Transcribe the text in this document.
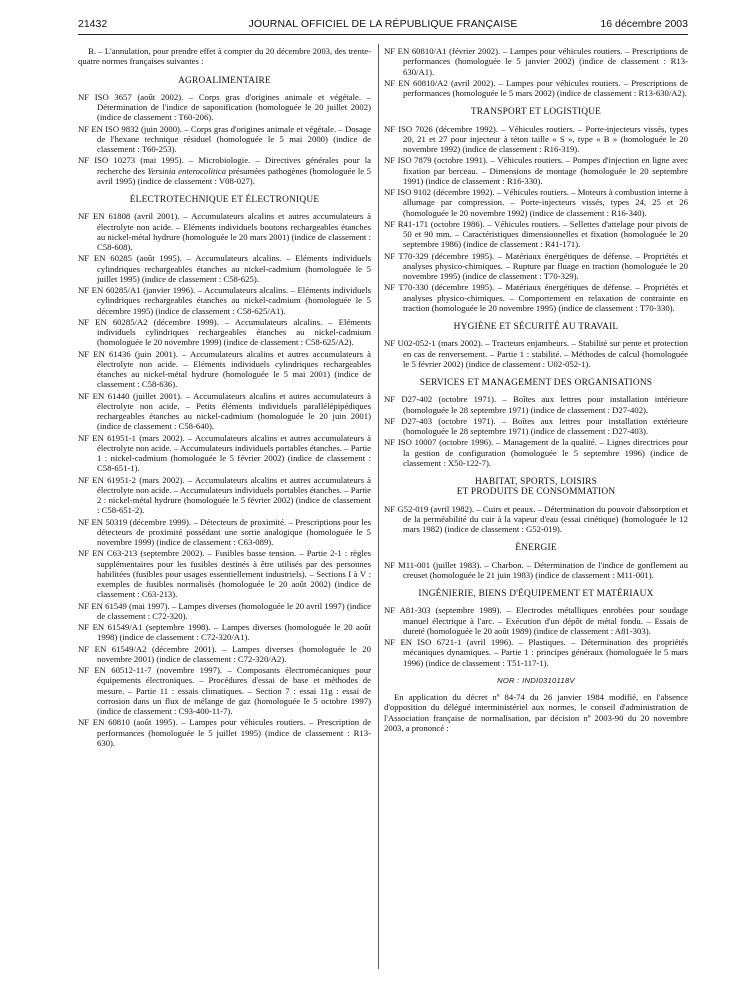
21432	JOURNAL OFFICIEL DE LA RÉPUBLIQUE FRANÇAISE	16 décembre 2003

B. – L'annulation, pour prendre effet à compter du 20 décembre 2003, des trente-quatre normes françaises suivantes :

AGROALIMENTAIRE

NF ISO 3657 (août 2002). – Corps gras d'origines animale et végétale. – Détermination de l'indice de saponification (homologuée le 20 juillet 2002) (indice de classement : T60-206).

NF EN ISO 9832 (juin 2000). – Corps gras d'origines animale et végétale. – Dosage de l'hexane technique résiduel (homologuée le 5 mai 2000) (indice de classement : T60-253).

NF ISO 10273 (mai 1995). – Microbiologie. – Directives générales pour la recherche des Yersinia enterocolitica présumées pathogènes (homologuée le 5 avril 1995) (indice de classement : V08-027).

ÉLECTROTECHNIQUE ET ÉLECTRONIQUE

NF EN 61808 (avril 2001). – Accumulateurs alcalins et autres accumulateurs à électrolyte non acide. – Eléments individuels boutons rechargeables étanches au nickel-métal hydrure (homologuée le 20 mars 2001) (indice de classement : C58-608).

NF EN 60285 (août 1995). – Accumulateurs alcalins. – Eléments individuels cylindriques rechargeables étanches au nickel-cadmium (homologuée le 5 juillet 1995) (indice de classement : C58-625).

NF EN 60285/A1 (janvier 1996). – Accumulateurs alcalins. – Eléments individuels cylindriques rechargeables étanches au nickel-cadmium (homologuée le 5 décembre 1995) (indice de classement : C58-625/A1).

NF EN 60285/A2 (décembre 1999). – Accumulateurs alcalins. – Eléments individuels cylindriques rechargeables étanches au nickel-cadmium (homologuée le 20 novembre 1999) (indice de classement : C58-625/A2).

NF EN 61436 (juin 2001). – Accumulateurs alcalins et autres accumulateurs à électrolyte non acide. – Eléments individuels cylindriques rechargeables étanches au nickel-métal hydrure (homologuée le 5 mai 2001) (indice de classement : C58-636).

NF EN 61440 (juillet 2001). – Accumulateurs alcalins et autres accumulateurs à électrolyte non acide. – Petits éléments individuels parallélépipédiques rechargeables étanches au nickel-cadmium (homologuée le 20 juin 2001) (indice de classement : C58-640).

NF EN 61951-1 (mars 2002). – Accumulateurs alcalins et autres accumulateurs à électrolyte non acide. – Accumulateurs individuels portables étanches. – Partie 1 : nickel-cadmium (homologuée le 5 février 2002) (indice de classement : C58-651-1).

NF EN 61951-2 (mars 2002). – Accumulateurs alcalins et autres accumulateurs à électrolyte non acide. – Accumulateurs individuels portables étanches. – Partie 2 : nickel-métal hydrure (homologuée le 5 février 2002) (indice de classement : C58-651-2).

NF EN 50319 (décembre 1999). – Détecteurs de proximité. – Prescriptions pour les détecteurs de proximité possédant une sortie analogique (homologuée le 5 novembre 1999) (indice de classement : C63-089).

NF EN C63-213 (septembre 2002). – Fusibles basse tension. – Partie 2-1 : règles supplémentaires pour les fusibles destinés à être utilisés par des personnes habilitées (fusibles pour usages essentiellement industriels). – Sections I à V : exemples de fusibles normalisés (homologuée le 20 août 2002) (indice de classement : C63-213).

NF EN 61549 (mai 1997). – Lampes diverses (homologuée le 20 avril 1997) (indice de classement : C72-320).

NF EN 61549/A1 (septembre 1998). – Lampes diverses (homologuée le 20 août 1998) (indice de classement : C72-320/A1).

NF EN 61549/A2 (décembre 2001). – Lampes diverses (homologuée le 20 novembre 2001) (indice de classement : C72-320/A2).

NF EN 60512-11-7 (novembre 1997). – Composants électromécaniques pour équipements électroniques. – Procédures d'essai de base et méthodes de mesure. – Partie 11 : essais climatiques. – Section 7 : essai 11g : essai de corrosion dans un flux de mélange de gaz (homologuée le 5 octobre 1997) (indice de classement : C93-400-11-7).

NF EN 60810 (août 1995). – Lampes pour véhicules routiers. – Prescription de performances (homologuée le 5 juillet 1995) (indice de classement : R13-630).

NF EN 60810/A1 (février 2002). – Lampes pour véhicules routiers. – Prescriptions de performances (homologuée le 5 janvier 2002) (indice de classement : R13-630/A1).

NF EN 60810/A2 (avril 2002). – Lampes pour véhicules routiers. – Prescriptions de performances (homologuée le 5 mars 2002) (indice de classement : R13-630/A2).

TRANSPORT ET LOGISTIQUE

NF ISO 7026 (décembre 1992). – Véhicules routiers. – Porte-injecteurs vissés, types 20, 21 et 27 pour injecteur à téton taille « S », type « B » (homologuée le 20 novembre 1992) (indice de classement : R16-319).

NF ISO 7879 (octobre 1991). – Véhicules routiers. – Pompes d'injection en ligne avec fixation par berceau. – Dimensions de montage (homologuée le 20 septembre 1991) (indice de classement : R16-330).

NF ISO 9102 (décembre 1992). – Véhicules routiers. – Moteurs à combustion interne à allumage par compression. – Porte-injecteurs vissés, types 24, 25 et 26 (homologuée le 20 novembre 1992) (indice de classement : R16-340).

NF R41-171 (octobre 1986). – Véhicules routiers. – Sellettes d'attelage pour pivots de 50 et 90 mm. – Caractéristiques dimensionnelles et fixation (homologuée le 20 septembre 1986) (indice de classement : R41-171).

NF T70-329 (décembre 1995). – Matériaux énergétiques de défense. – Propriétés et analyses physico-chimiques. – Rupture par fluage en traction (homologuée le 20 novembre 1995) (indice de classement : T70-329).

NF T70-330 (décembre 1995). – Matériaux énergétiques de défense. – Propriétés et analyses physico-chimiques. – Comportement en relaxation de contrainte en traction (homologuée le 20 novembre 1995) (indice de classement : T70-330).

HYGIÈNE ET SÉCURITÉ AU TRAVAIL

NF U02-052-1 (mars 2002). – Tracteurs enjambeurs. – Stabilité sur pente et protection en cas de renversement. – Partie 1 : stabilité. – Méthodes de calcul (homologuée le 5 février 2002) (indice de classement : U02-052-1).

SERVICES ET MANAGEMENT DES ORGANISATIONS

NF D27-402 (octobre 1971). – Boîtes aux lettres pour installation intérieure (homologuée le 28 septembre 1971) (indice de classement : D27-402).

NF D27-403 (octobre 1971). – Boîtes aux lettres pour installation extérieure (homologuée le 28 septembre 1971) (indice de classement : D27-403).

NF ISO 10007 (octobre 1996). – Management de la qualité. – Lignes directrices pour la gestion de configuration (homologuée le 5 septembre 1996) (indice de classement : X50-122-7).

HABITAT, SPORTS, LOISIRS
ET PRODUITS DE CONSOMMATION

NF G52-019 (avril 1982). – Cuirs et peaux. – Détermination du pouvoir d'absorption et de la perméabilité du cuir à la vapeur d'eau (essai cinétique) (homologuée le 12 mars 1982) (indice de classement : G52-019).

ÉNERGIE

NF M11-001 (juillet 1983). – Charbon. – Détermination de l'indice de gonflement au creuset (homologuée le 21 juin 1983) (indice de classement : M11-001).

INGÉNIERIE, BIENS D'ÉQUIPEMENT ET MATÉRIAUX

NF A81-303 (septembre 1989). – Electrodes métalliques enrobées pour soudage manuel électrique à l'arc. – Exécution d'un dépôt de métal fondu. – Essais de dureté (homologuée le 20 août 1989) (indice de classement : A81-303).

NF EN ISO 6721-1 (avril 1996). – Plastiques. – Détermination des propriétés mécaniques dynamiques. – Partie 1 : principes généraux (homologuée le 5 mars 1996) (indice de classement : T51-117-1).

NOR : INDI0310118V

En application du décret nº 84-74 du 26 janvier 1984 modifié, en l'absence d'opposition du délégué interministériel aux normes, le conseil d'administration de l'Association française de normalisation, par décision nº 2003-90 du 20 novembre 2003, a prononcé :
